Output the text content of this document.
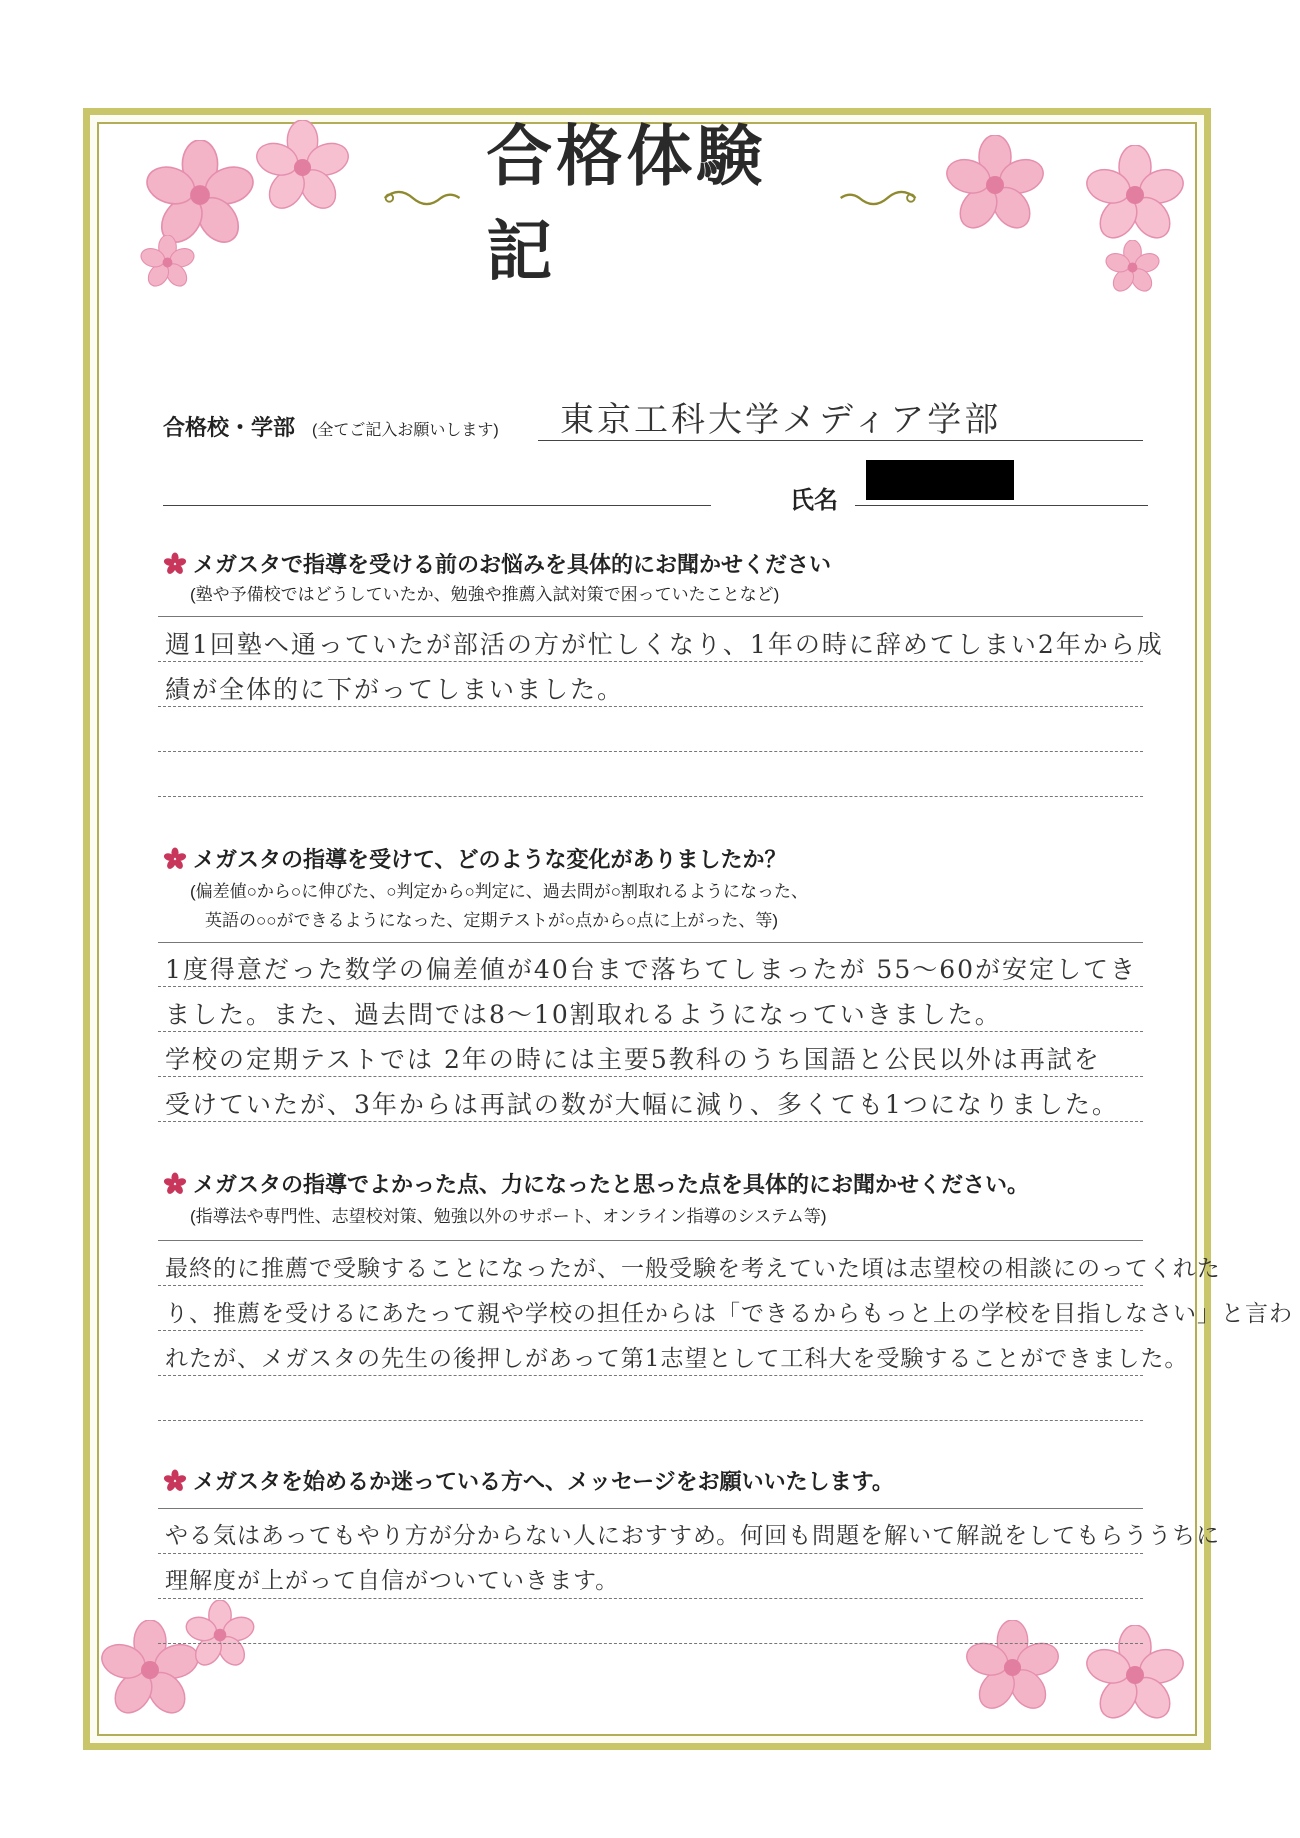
合格体験記
合格校・学部 (全てご記入お願いします) 東京工科大学メディア学部
氏名
メガスタで指導を受ける前のお悩みを具体的にお聞かせください
(塾や予備校ではどうしていたか、勉強や推薦入試対策で困っていたことなど)
週1回塾へ通っていたが部活の方が忙しくなり、1年の時に辞めてしまい2年から成
績が全体的に下がってしまいました。
メガスタの指導を受けて、どのような変化がありましたか？
(偏差値○から○に伸びた、○判定から○判定に、過去問が○割取れるようになった、
英語の○○ができるようになった、定期テストが○点から○点に上がった、等)
1度得意だった数学の偏差値が40台まで落ちてしまったが 55〜60が安定してき
ました。また、過去問では8〜10割取れるようになっていきました。
学校の定期テストでは 2年の時には主要5教科のうち国語と公民以外は再試を
受けていたが、3年からは再試の数が大幅に減り、多くても1つになりました。
メガスタの指導でよかった点、力になったと思った点を具体的にお聞かせください。
(指導法や専門性、志望校対策、勉強以外のサポート、オンライン指導のシステム等)
最終的に推薦で受験することになったが、一般受験を考えていた頃は志望校の相談にのってくれた
り、推薦を受けるにあたって親や学校の担任からは「できるからもっと上の学校を目指しなさい」と言わ
れたが、メガスタの先生の後押しがあって第1志望として工科大を受験することができました。
メガスタを始めるか迷っている方へ、メッセージをお願いいたします。
やる気はあってもやり方が分からない人におすすめ。何回も問題を解いて解説をしてもらううちに
理解度が上がって自信がついていきます。
